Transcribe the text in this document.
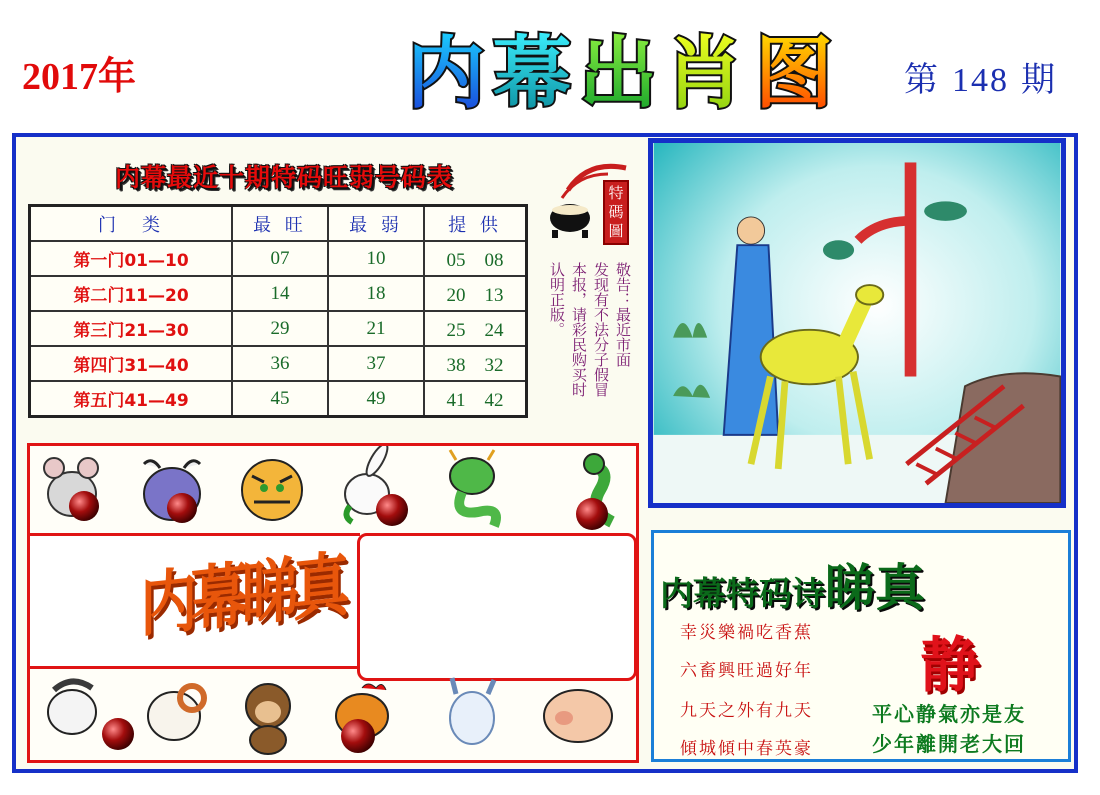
2017年	内 幕 出 肖 图 第 148 期
内幕最近十期特码旺弱号码表
门　类	最 旺	最 弱	提 供
第一门01—10	07	10	05　08
第二门11—20	14	18	20　13
第三门21—30	29	21	25　24
第四门31—40	36	37	38　32
第五门41—49	45	49	41　42
特碼圖
敬告：最近市面
发现有不法分子假冒
本报，请彩民购买时
认明正版。
内幕睇真	内幕特码诗睇真
幸災樂禍吃香蕉
六畜興旺過好年
九天之外有九天
傾城傾中春英豪
静
平心静氣亦是友
少年離開老大回
